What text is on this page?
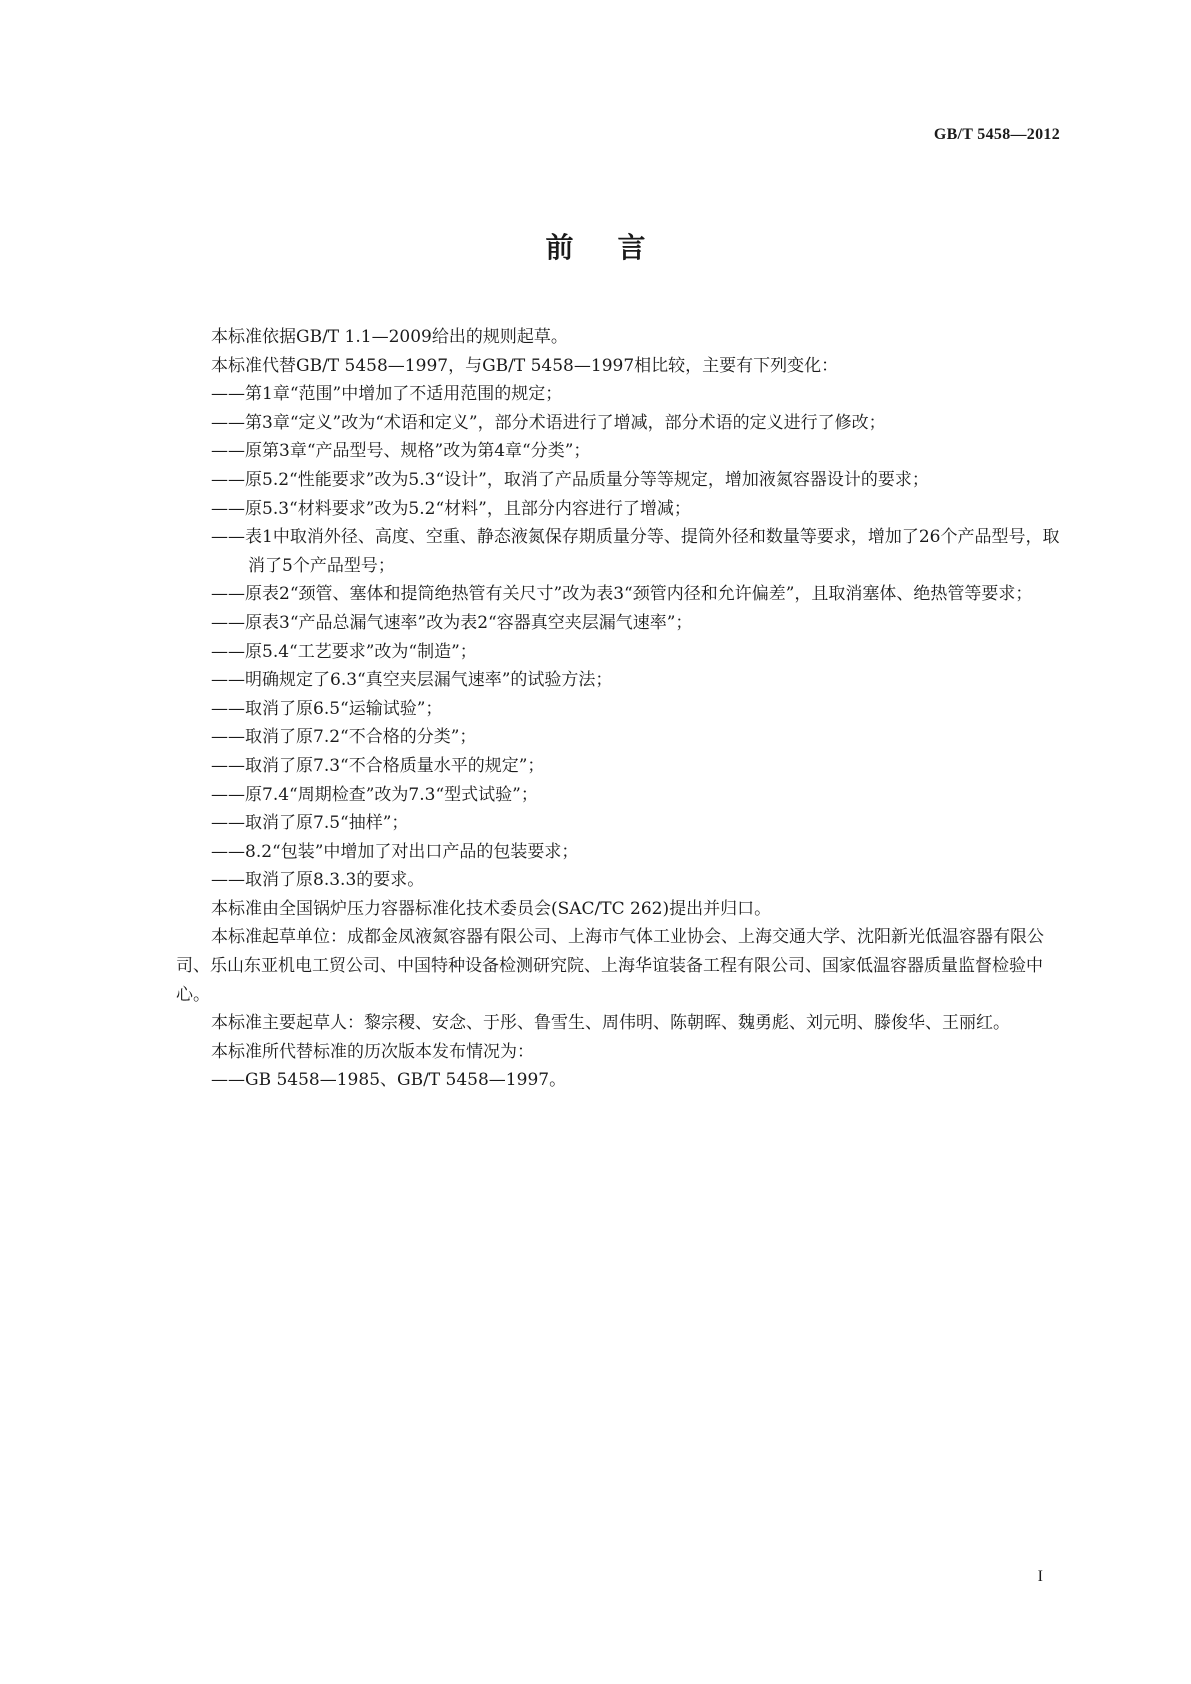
GB/T 5458—2012
前言

本标准依据GB/T 1.1—2009给出的规则起草。

本标准代替GB/T 5458—1997，与GB/T 5458—1997相比较，主要有下列变化：

——第1章“范围”中增加了不适用范围的规定；
——第3章“定义”改为“术语和定义”，部分术语进行了增减，部分术语的定义进行了修改；
——原第3章“产品型号、规格”改为第4章“分类”；
——原5.2“性能要求”改为5.3“设计”，取消了产品质量分等等规定，增加液氮容器设计的要求；
——原5.3“材料要求”改为5.2“材料”，且部分内容进行了增减；
——表1中取消外径、高度、空重、静态液氮保存期质量分等、提筒外径和数量等要求，增加了26个产品型号，取消了5个产品型号；
——原表2“颈管、塞体和提筒绝热管有关尺寸”改为表3“颈管内径和允许偏差”，且取消塞体、绝热管等要求；
——原表3“产品总漏气速率”改为表2“容器真空夹层漏气速率”；
——原5.4“工艺要求”改为“制造”；
——明确规定了6.3“真空夹层漏气速率”的试验方法；
——取消了原6.5“运输试验”；
——取消了原7.2“不合格的分类”；
——取消了原7.3“不合格质量水平的规定”；
——原7.4“周期检查”改为7.3“型式试验”；
——取消了原7.5“抽样”；
——8.2“包装”中增加了对出口产品的包装要求；
——取消了原8.3.3的要求。

本标准由全国锅炉压力容器标准化技术委员会(SAC/TC 262)提出并归口。

本标准起草单位：成都金凤液氮容器有限公司、上海市气体工业协会、上海交通大学、沈阳新光低温容器有限公司、乐山东亚机电工贸公司、中国特种设备检测研究院、上海华谊装备工程有限公司、国家低温容器质量监督检验中心。

本标准主要起草人：黎宗稷、安念、于彤、鲁雪生、周伟明、陈朝晖、魏勇彪、刘元明、滕俊华、王丽红。

本标准所代替标准的历次版本发布情况为：

——GB 5458—1985、GB/T 5458—1997。
I
